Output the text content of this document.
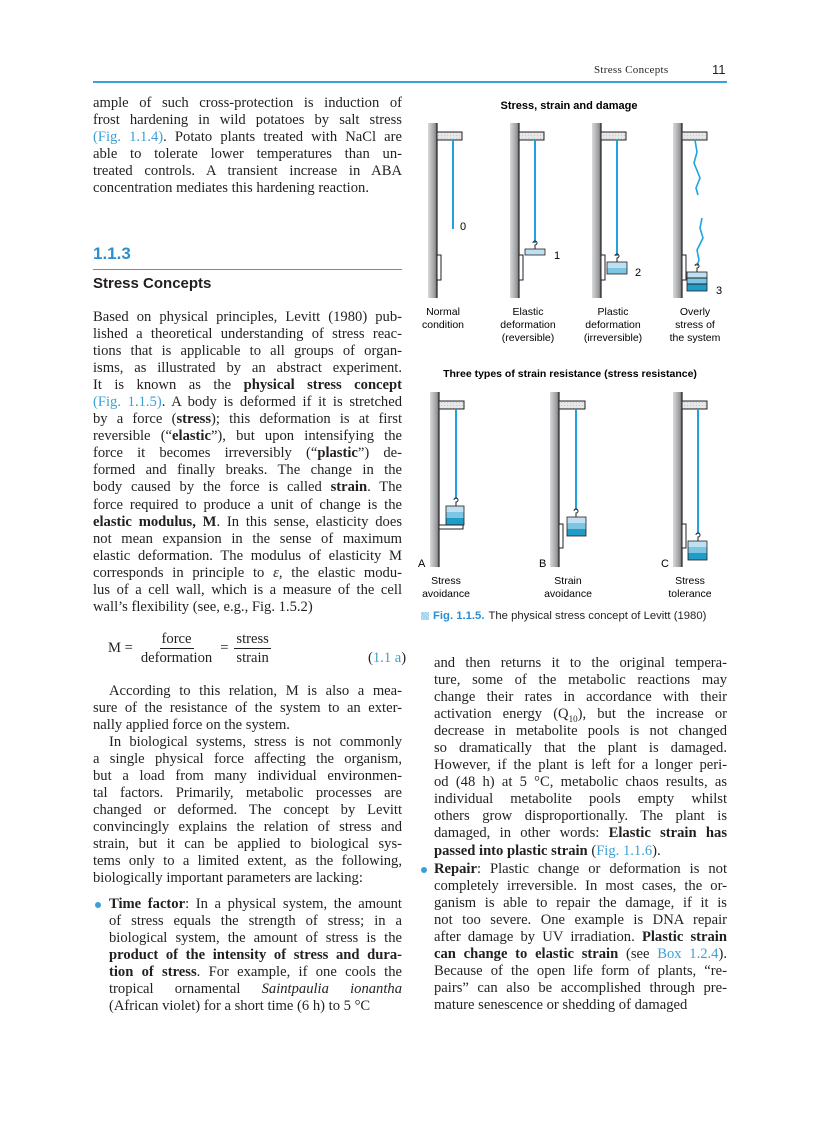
Stress Concepts	11
ample of such cross-protection is induction of
frost hardening in wild potatoes by salt stress
(Fig. 1.1.4). Potato plants treated with NaCl are
able to tolerate lower temperatures than un-
treated controls. A transient increase in ABA
concentration mediates this hardening reaction.
1.1.3
Stress Concepts
Based on physical principles, Levitt (1980) pub-
lished a theoretical understanding of stress reac-
tions that is applicable to all groups of organ-
isms, as illustrated by an abstract experiment.
It is known as the physical stress concept
(Fig. 1.1.5). A body is deformed if it is stretched
by a force (stress); this deformation is at first
reversible (“elastic”), but upon intensifying the
force it becomes irreversibly (“plastic”) de-
formed and finally breaks. The change in the
body caused by the force is called strain. The
force required to produce a unit of change is the
elastic modulus, M. In this sense, elasticity does
not mean expansion in the sense of maximum
elastic deformation. The modulus of elasticity M
corresponds in principle to ε, the elastic modu-
lus of a cell wall, which is a measure of the cell
wall’s flexibility (see, e.g., Fig. 1.5.2)
$M = \frac{\text{force}}{\text{deformation}} = \frac{\text{stress}}{\text{strain}}$	(1.1 a)
According to this relation, M is also a mea-
sure of the resistance of the system to an exter-
nally applied force on the system.
In biological systems, stress is not commonly
a single physical force affecting the organism,
but a load from many individual environmen-
tal factors. Primarily, metabolic processes are
changed or deformed. The concept by Levitt
convincingly explains the relation of stress and
strain, but it can be applied to biological sys-
tems only to a limited extent, as the following,
biologically important parameters are lacking:
Time factor: In a physical system, the amount
of stress equals the strength of stress; in a
biological system, the amount of stress is the
product of the intensity of stress and dura-
tion of stress. For example, if one cools the
tropical ornamental Saintpaulia ionantha
(African violet) for a short time (6 h) to 5 °C
and then returns it to the original tempera-
ture, some of the metabolic reactions may
change their rates in accordance with their
activation energy $(Q_{10})$, but the increase or
decrease in metabolite pools is not changed
so dramatically that the plant is damaged.
However, if the plant is left for a longer peri-
od (48 h) at 5 °C, metabolic chaos results, as
individual metabolite pools empty whilst
others grow disproportionally. The plant is
damaged, in other words: Elastic strain has
passed into plastic strain (Fig. 1.1.6).
Repair: Plastic change or deformation is not
completely irreversible. In most cases, the or-
ganism is able to repair the damage, if it is
not too severe. One example is DNA repair
after damage by UV irradiation. Plastic strain
can change to elastic strain (see Box 1.2.4).
Because of the open life form of plants, “re-
pairs” can also be accomplished through pre-
mature senescence or shedding of damaged
Stress, strain and damage
0
Normal
condition
1
Elastic
deformation
(reversible)
2
Plastic
deformation
(irreversible)
3
Overly
stress of
the system
Three types of strain resistance (stress resistance)
A
Stress
avoidance
B
Strain
avoidance
C
Stress
tolerance
Fig. 1.1.5. The physical stress concept of Levitt (1980)
